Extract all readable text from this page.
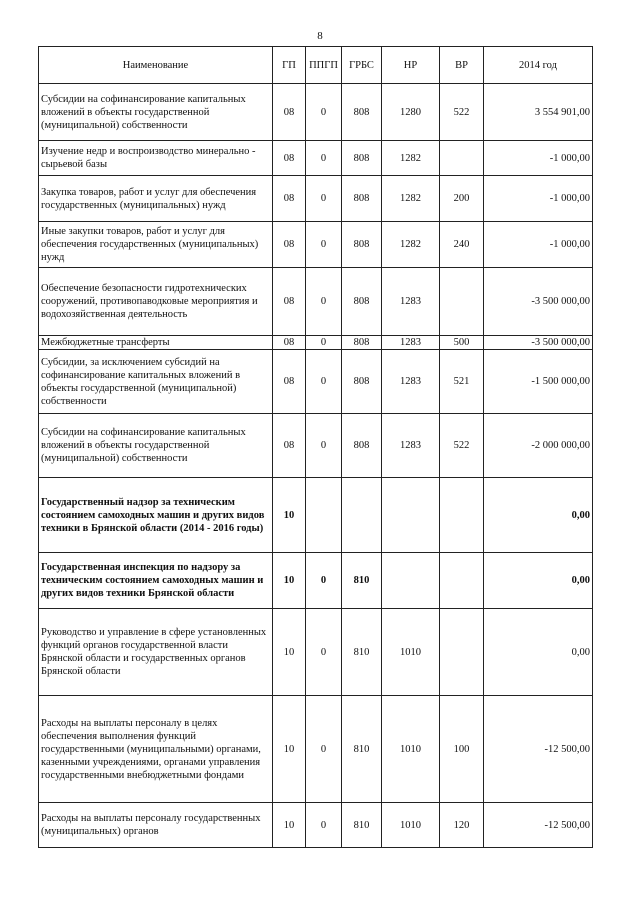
8
Наименование	ГП	ППГП	ГРБС	НР	ВР	2014 год
Субсидии на софинансирование капитальных вложений в объекты государственной (муниципальной) собственности	08	0	808	1280	522	3 554 901,00
Изучение недр и воспроизводство минерально - сырьевой базы	08	0	808	1282		-1 000,00
Закупка товаров, работ и услуг для обеспечения государственных (муниципальных) нужд	08	0	808	1282	200	-1 000,00
Иные закупки товаров, работ и услуг для обеспечения государственных (муниципальных) нужд	08	0	808	1282	240	-1 000,00
Обеспечение безопасности гидротехнических сооружений, противопаводковые мероприятия и водохозяйственная деятельность	08	0	808	1283		-3 500 000,00
Межбюджетные трансферты	08	0	808	1283	500	-3 500 000,00
Субсидии, за исключением субсидий на софинансирование капитальных вложений в объекты государственной (муниципальной) собственности	08	0	808	1283	521	-1 500 000,00
Субсидии на софинансирование капитальных вложений в объекты государственной (муниципальной) собственности	08	0	808	1283	522	-2 000 000,00
Государственный надзор за техническим состоянием самоходных машин и других видов техники в Брянской области (2014 - 2016 годы)	10					0,00
Государственная инспекция по надзору за техническим состоянием самоходных машин и других видов техники Брянской области	10	0	810			0,00
Руководство и управление в сфере установленных функций органов государственной власти Брянской области и государственных органов Брянской области	10	0	810	1010		0,00
Расходы на выплаты персоналу в целях обеспечения выполнения функций государственными (муниципальными) органами, казенными учреждениями, органами управления государственными внебюджетными фондами	10	0	810	1010	100	-12 500,00
Расходы на выплаты персоналу государственных (муниципальных) органов	10	0	810	1010	120	-12 500,00
